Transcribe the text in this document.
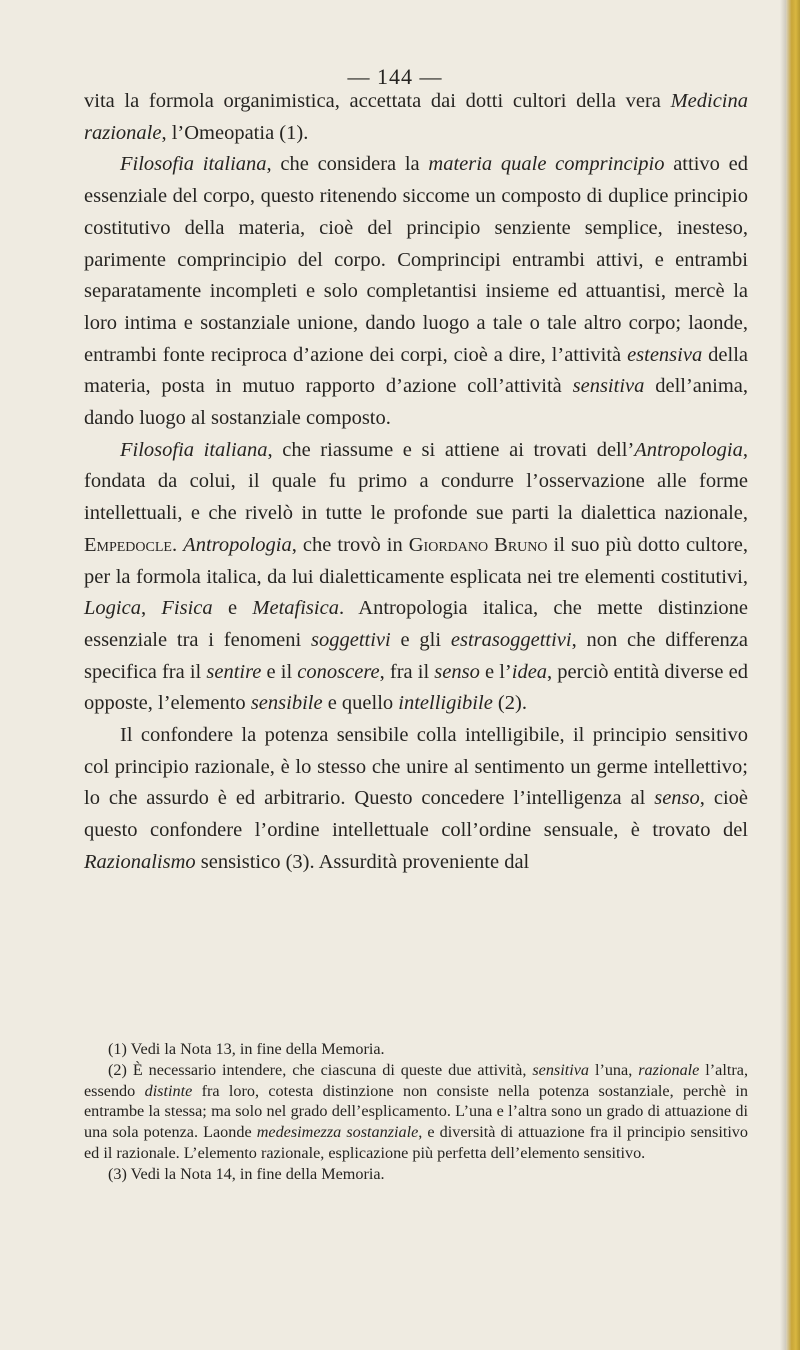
— 144 —

vita la formola organimistica, accettata dai dotti cultori della vera Medicina razionale, l’Omeopatia (1).

Filosofia italiana, che considera la materia quale comprincipio attivo ed essenziale del corpo, questo ritenendo siccome un composto di duplice principio costitutivo della materia, cioè del principio senziente semplice, inesteso, parimente comprincipio del corpo. Comprincipi entrambi attivi, e entrambi separatamente incompleti e solo completantisi insieme ed attuantisi, mercè la loro intima e sostanziale unione, dando luogo a tale o tale altro corpo; laonde, entrambi fonte reciproca d’azione dei corpi, cioè a dire, l’attività estensiva della materia, posta in mutuo rapporto d’azione coll’attività sensitiva dell’anima, dando luogo al sostanziale composto.

Filosofia italiana, che riassume e si attiene ai trovati dell’Antropologia, fondata da colui, il quale fu primo a condurre l’osservazione alle forme intellettuali, e che rivelò in tutte le profonde sue parti la dialettica nazionale, Empedocle. Antropologia, che trovò in Giordano Bruno il suo più dotto cultore, per la formola italica, da lui dialetticamente esplicata nei tre elementi costitutivi, Logica, Fisica e Metafisica. Antropologia italica, che mette distinzione essenziale tra i fenomeni soggettivi e gli estrasoggettivi, non che differenza specifica fra il sentire e il conoscere, fra il senso e l’idea, perciò entità diverse ed opposte, l’elemento sensibile e quello intelligibile (2).

Il confondere la potenza sensibile colla intelligibile, il principio sensitivo col principio razionale, è lo stesso che unire al sentimento un germe intellettivo; lo che assurdo è ed arbitrario. Questo concedere l’intelligenza al senso, cioè questo confondere l’ordine intellettuale coll’ordine sensuale, è trovato del Razionalismo sensistico (3). Assurdità proveniente dal

(1) Vedi la Nota 13, in fine della Memoria.

(2) È necessario intendere, che ciascuna di queste due attività, sensitiva l’una, razionale l’altra, essendo distinte fra loro, cotesta distinzione non consiste nella potenza sostanziale, perchè in entrambe la stessa; ma solo nel grado dell’esplicamento. L’una e l’altra sono un grado di attuazione di una sola potenza. Laonde medesimezza sostanziale, e diversità di attuazione fra il principio sensitivo ed il razionale. L’elemento razionale, esplicazione più perfetta dell’elemento sensitivo.

(3) Vedi la Nota 14, in fine della Memoria.
